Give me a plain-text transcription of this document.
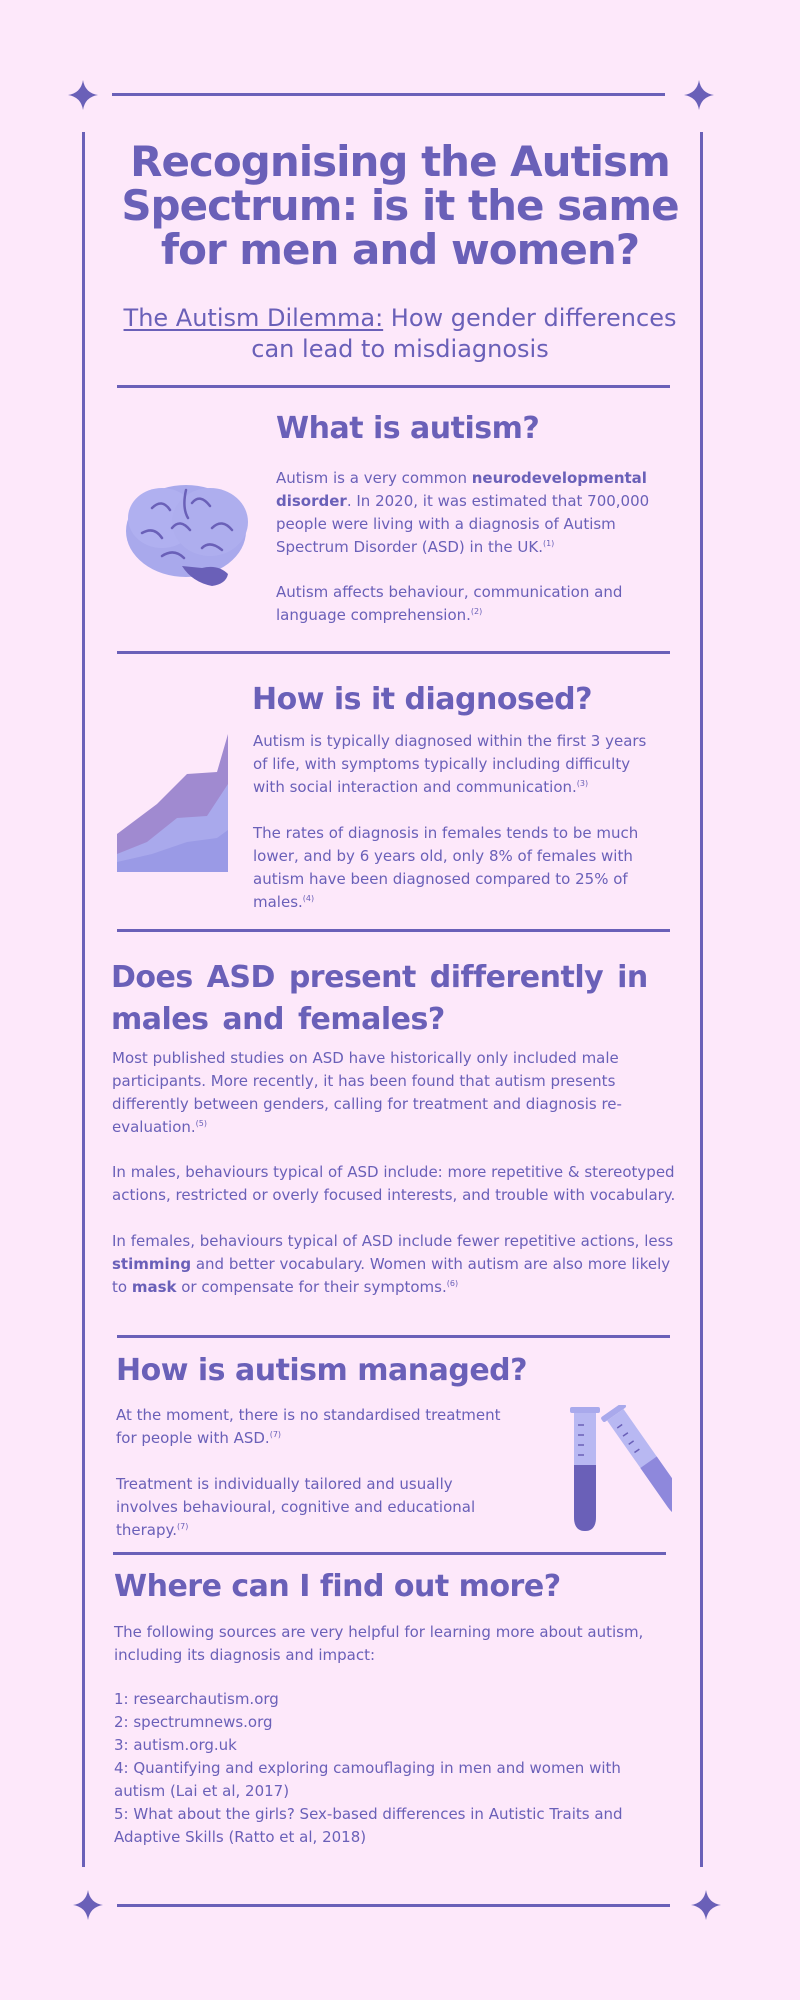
Recognising the Autism Spectrum: is it the same for men and women?
The Autism Dilemma: How gender differences can lead to misdiagnosis
What is autism?

Autism is a very common neurodevelopmental disorder. In 2020, it was estimated that 700,000 people were living with a diagnosis of Autism Spectrum Disorder (ASD) in the UK.$^{(1)}$

Autism affects behaviour, communication and language comprehension.$^{(2)}$

How is it diagnosed?

Autism is typically diagnosed within the first 3 years of life, with symptoms typically including difficulty with social interaction and communication.$^{(3)}$

The rates of diagnosis in females tends to be much lower, and by 6 years old, only 8% of females with autism have been diagnosed compared to 25% of males.$^{(4)}$

Does ASD present differently in males and females?

Most published studies on ASD have historically only included male participants. More recently, it has been found that autism presents differently between genders, calling for treatment and diagnosis re-evaluation.$^{(5)}$

In males, behaviours typical of ASD include: more repetitive & stereotyped actions, restricted or overly focused interests, and trouble with vocabulary.

In females, behaviours typical of ASD include fewer repetitive actions, less stimming and better vocabulary. Women with autism are also more likely to mask or compensate for their symptoms.$^{(6)}$

How is autism managed?

At the moment, there is no standardised treatment for people with ASD.$^{(7)}$

Treatment is individually tailored and usually involves behavioural, cognitive and educational therapy.$^{(7)}$

Where can I find out more?

The following sources are very helpful for learning more about autism, including its diagnosis and impact:

1: researchautism.org

2: spectrumnews.org

3: autism.org.uk

4: Quantifying and exploring camouflaging in men and women with autism (Lai et al, 2017)

5: What about the girls? Sex-based differences in Autistic Traits and Adaptive Skills (Ratto et al, 2018)
